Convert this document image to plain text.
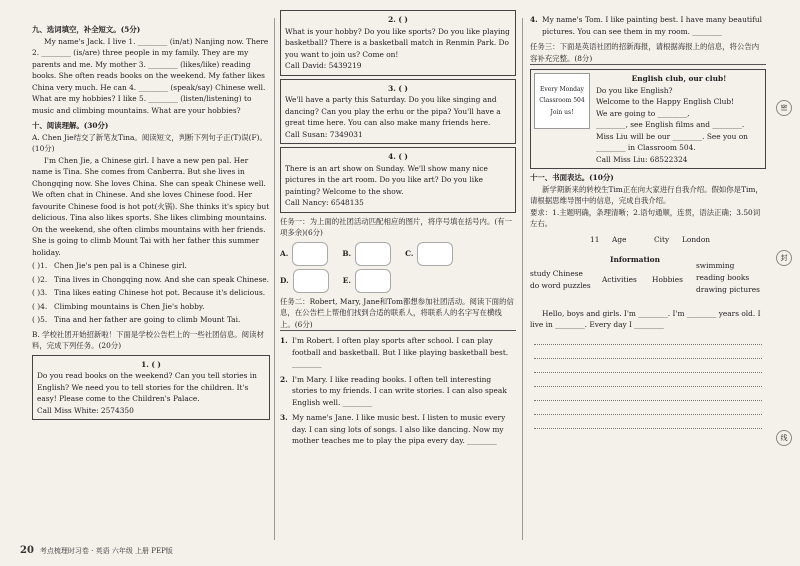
九、选词填空，补全短文。(5分)

My name's Jack. I live 1. ________ (in/at) Nanjing now. There 2. ________ (is/are) three people in my family. They are my parents and me. My mother 3. ________ (likes/like) reading books. She often reads books on the weekend. My father likes China very much. He can 4. ________ (speak/say) Chinese well. What are my hobbies? I like 5. ________ (listen/listening) to music and climbing mountains. What are your hobbies?

十、阅读理解。(30分)

A. Chen Jie结交了新笔友Tina。阅读短文，判断下列句子正(T)误(F)。(10分)

I'm Chen Jie, a Chinese girl. I have a new pen pal. Her name is Tina. She comes from Canberra. But she lives in Chongqing now. She loves China. She can speak Chinese well. We often chat in Chinese. And she loves Chinese food. Her favourite Chinese food is hot pot(火锅). She thinks it's spicy but delicious. Tina also likes sports. She likes climbing mountains. On the weekend, she often climbs mountains with her friends. She is going to climb Mount Tai with her father this summer holiday.

( )1. Chen Jie's pen pal is a Chinese girl.
( )2. Tina lives in Chongqing now. And she can speak Chinese.
( )3. Tina likes eating Chinese hot pot. Because it's delicious.
( )4. Climbing mountains is Chen Jie's hobby.
( )5. Tina and her father are going to climb Mount Tai.

B. 学校社团开始招新啦！下面是学校公告栏上的一些社团信息。阅读材料，完成下列任务。(20分)

1. ( )

Do you read books on the weekend? Can you tell stories in English? We need you to tell stories for the children. It's easy! Please come to the Children's Palace.

Call Miss White: 2574350

2. ( )

What is your hobby? Do you like sports? Do you like playing basketball? There is a basketball match in Renmin Park. Do you want to join us? Come on!

Call David: 5439219

3. ( )

We'll have a party this Saturday. Do you like singing and dancing? Can you play the erhu or the pipa? You'll have a great time here. You can also make many friends here.

Call Susan: 7349031

4. ( )

There is an art show on Sunday. We'll show many nice pictures in the art room. Do you like art? Do you like painting? Welcome to the show.

Call Nancy: 6548135

任务一：为上面的社团活动匹配相应的图片，将序号填在括号内。(有一项多余)(6分)

A.	B.	C.
D.	E.

任务二：Robert, Mary, Jane和Tom都想参加社团活动。阅读下面的信息，在公告栏上帮他们找到合适的联系人，将联系人的名字写在横线上。(6分)

1. I'm Robert. I often play sports after school. I can play football and basketball. But I like playing basketball best. ________
2. I'm Mary. I like reading books. I often tell interesting stories to my friends. I can write stories. I can also speak English well. ________
3. My name's Jane. I like music best. I listen to music every day. I can sing lots of songs. I also like dancing. Now my mother teaches me to play the pipa every day. ________
4. My name's Tom. I like painting best. I have many beautiful pictures. You can see them in my room. ________

任务三：下面是英语社团的招新海报，请根据海报上的信息，将公告内容补充完整。(8分)

Every Monday Classroom 504 Join us!
English club, our club!

Do you like English?

Welcome to the Happy English Club!

We are going to ________,

________, see English films and ________.

Miss Liu will be our ________. See you on ________ in Classroom 504.

Call Miss Liu: 68522324

十一、书面表达。(10分)

新学期新来的转校生Tim正在向大家进行自我介绍。假如你是Tim，请根据思维导图中的信息，完成自我介绍。

要求：1.主题明确，条理清晰；2.语句通顺，连贯，语法正确；3.50词左右。

11 Age	City London
Information
study Chinese
do word puzzles
Activities Hobbies
swimming
reading books
drawing pictures

Hello, boys and girls. I'm ________. I'm ________ years old. I live in ________. Every day I ________

密
封
线
20 考点梳理时习卷 · 英语 六年级 上册 PEP版
